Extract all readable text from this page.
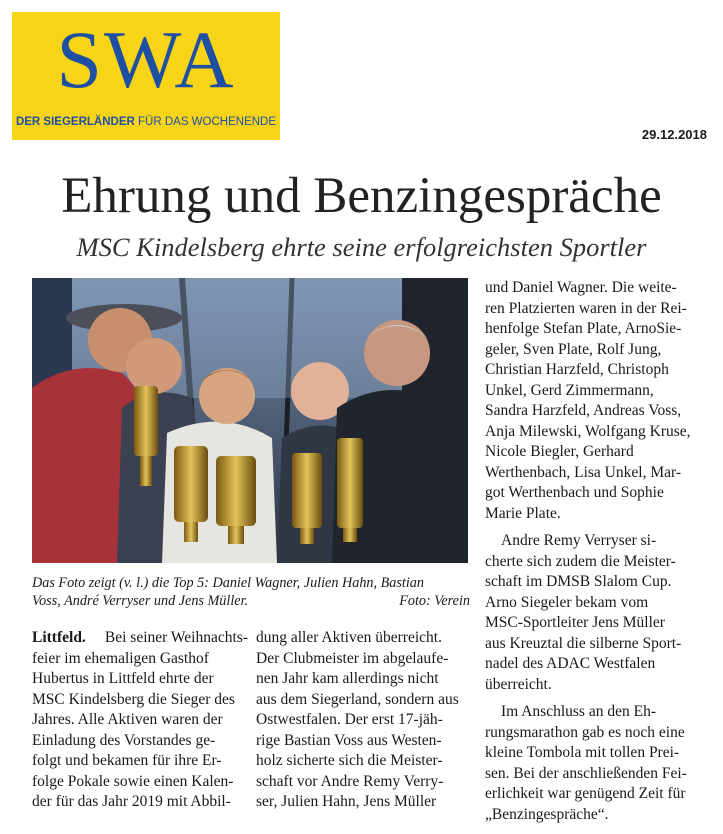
SWA
DER SIEGERLÄNDER FÜR DAS WOCHENENDE
29.12.2018
Ehrung und Benzingespräche
MSC Kindelsberg ehrte seine erfolgreichsten Sportler
Das Foto zeigt (v. l.) die Top 5: Daniel Wagner, Julien Hahn, Bastian
Voss, André Verryser und Jens Müller.	Foto: Verein
Littfeld. Bei seiner Weihnachts-
feier im ehemaligen Gasthof
Hubertus in Littfeld ehrte der
MSC Kindelsberg die Sieger des
Jahres. Alle Aktiven waren der
Einladung des Vorstandes ge-
folgt und bekamen für ihre Er-
folge Pokale sowie einen Kalen-
der für das Jahr 2019 mit Abbil-
dung aller Aktiven überreicht.
Der Clubmeister im abgelaufe-
nen Jahr kam allerdings nicht
aus dem Siegerland, sondern aus
Ostwestfalen. Der erst 17-jäh-
rige Bastian Voss aus Westen-
holz sicherte sich die Meister-
schaft vor Andre Remy Verry-
ser, Julien Hahn, Jens Müller
und Daniel Wagner. Die weite-
ren Platzierten waren in der Rei-
henfolge Stefan Plate, ArnoSie-
geler, Sven Plate, Rolf Jung,
Christian Harzfeld, Christoph
Unkel, Gerd Zimmermann,
Sandra Harzfeld, Andreas Voss,
Anja Milewski, Wolfgang Kruse,
Nicole Biegler, Gerhard
Werthenbach, Lisa Unkel, Mar-
got Werthenbach und Sophie
Marie Plate.
Andre Remy Verryser si-
cherte sich zudem die Meister-
schaft im DMSB Slalom Cup.
Arno Siegeler bekam vom
MSC-Sportleiter Jens Müller
aus Kreuztal die silberne Sport-
nadel des ADAC Westfalen
überreicht.
Im Anschluss an den Eh-
rungsmarathon gab es noch eine
kleine Tombola mit tollen Prei-
sen. Bei der anschließenden Fei-
erlichkeit war genügend Zeit für
„Benzingespräche“.
